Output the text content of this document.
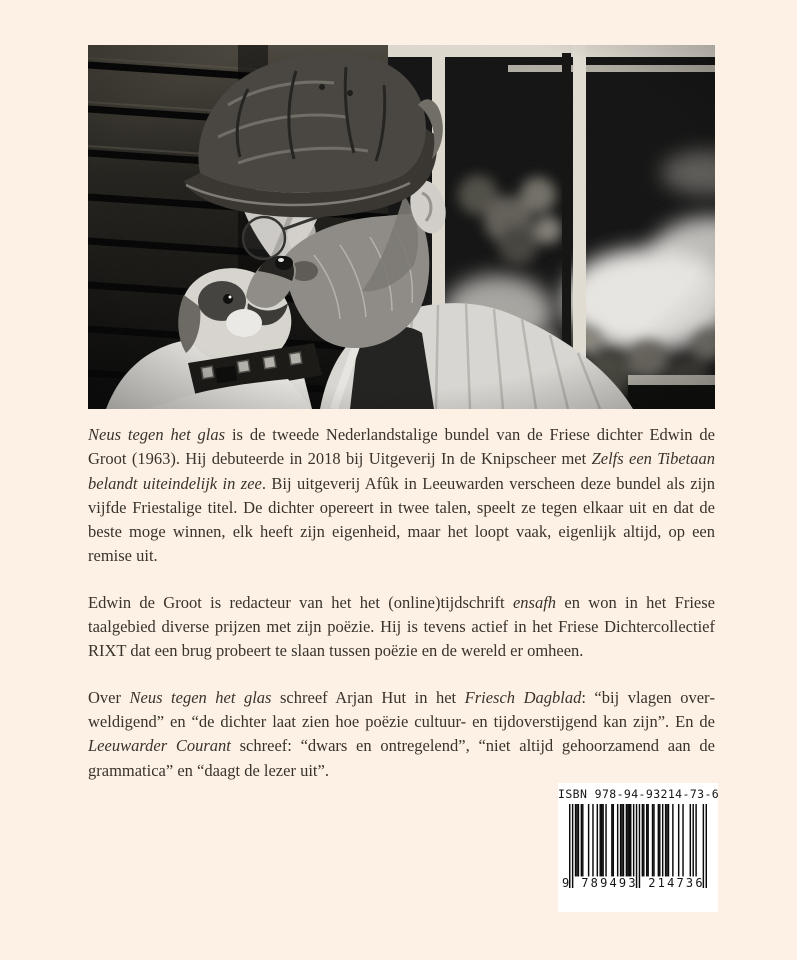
Neus tegen het glas is de tweede Nederlandstalige bundel van de Friese dichter Edwin de Groot (1963). Hij debuteerde in 2018 bij Uitgeverij In de Knipscheer met Zelfs een Tibetaan belandt uiteindelijk in zee. Bij uitgeverij Afûk in Leeuwarden verscheen deze bundel als zijn vijfde Friestalige titel. De dichter opereert in twee talen, speelt ze tegen elkaar uit en dat de beste moge winnen, elk heeft zijn eigenheid, maar het loopt vaak, eigenlijk altijd, op een remise uit.

Edwin de Groot is redacteur van het het (online)tijdschrift ensafh en won in het Friese taalgebied diverse prijzen met zijn poëzie. Hij is tevens actief in het Friese Dichtercollectief RIXT dat een brug probeert te slaan tussen poëzie en de wereld er omheen.

Over Neus tegen het glas schreef Arjan Hut in het Friesch Dagblad: “bij vlagen overweldigend” en “de dichter laat zien hoe poëzie cultuur- en tijdoverstijgend kan zijn”. En de Leeuwarder Courant schreef: “dwars en ontregelend”, “niet altijd gehoorzamend aan de grammatica” en “daagt de lezer uit”.

ISBN 978-94-93214-73-6
9 789493 214736
